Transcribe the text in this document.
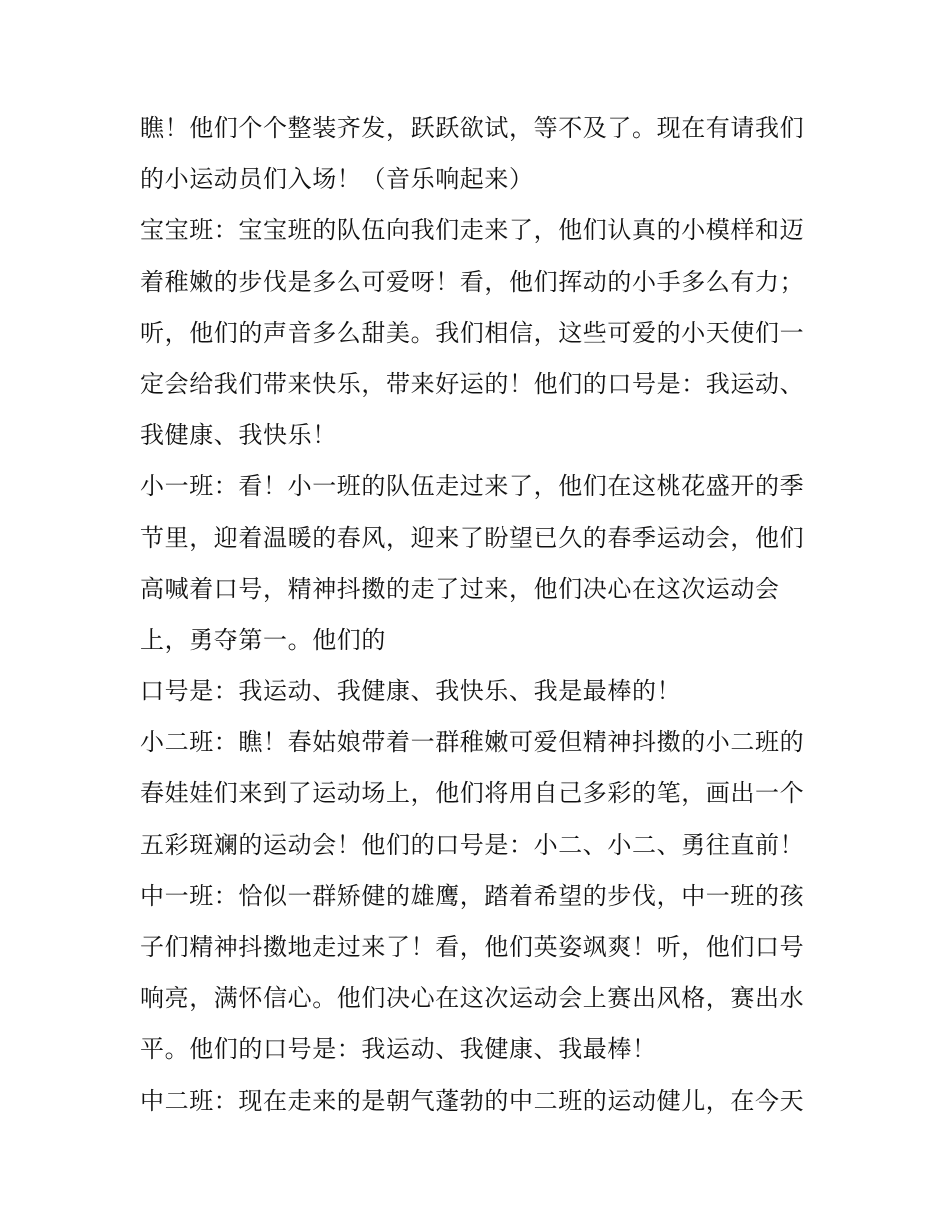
瞧！他们个个整装齐发，跃跃欲试，等不及了。现在有请我们
的小运动员们入场！（音乐响起来）
宝宝班：宝宝班的队伍向我们走来了，他们认真的小模样和迈
着稚嫩的步伐是多么可爱呀！看，他们挥动的小手多么有力；
听，他们的声音多么甜美。我们相信，这些可爱的小天使们一
定会给我们带来快乐，带来好运的！他们的口号是：我运动、
我健康、我快乐！
小一班：看！小一班的队伍走过来了，他们在这桃花盛开的季
节里，迎着温暖的春风，迎来了盼望已久的春季运动会，他们
高喊着口号，精神抖擞的走了过来，他们决心在这次运动会
上，勇夺第一。他们的
口号是：我运动、我健康、我快乐、我是最棒的！
小二班：瞧！春姑娘带着一群稚嫩可爱但精神抖擞的小二班的
春娃娃们来到了运动场上，他们将用自己多彩的笔，画出一个
五彩斑斓的运动会！他们的口号是：小二、小二、勇往直前！
中一班：恰似一群矫健的雄鹰，踏着希望的步伐，中一班的孩
子们精神抖擞地走过来了！看，他们英姿飒爽！听，他们口号
响亮，满怀信心。他们决心在这次运动会上赛出风格，赛出水
平。他们的口号是：我运动、我健康、我最棒！
中二班：现在走来的是朝气蓬勃的中二班的运动健儿，在今天
